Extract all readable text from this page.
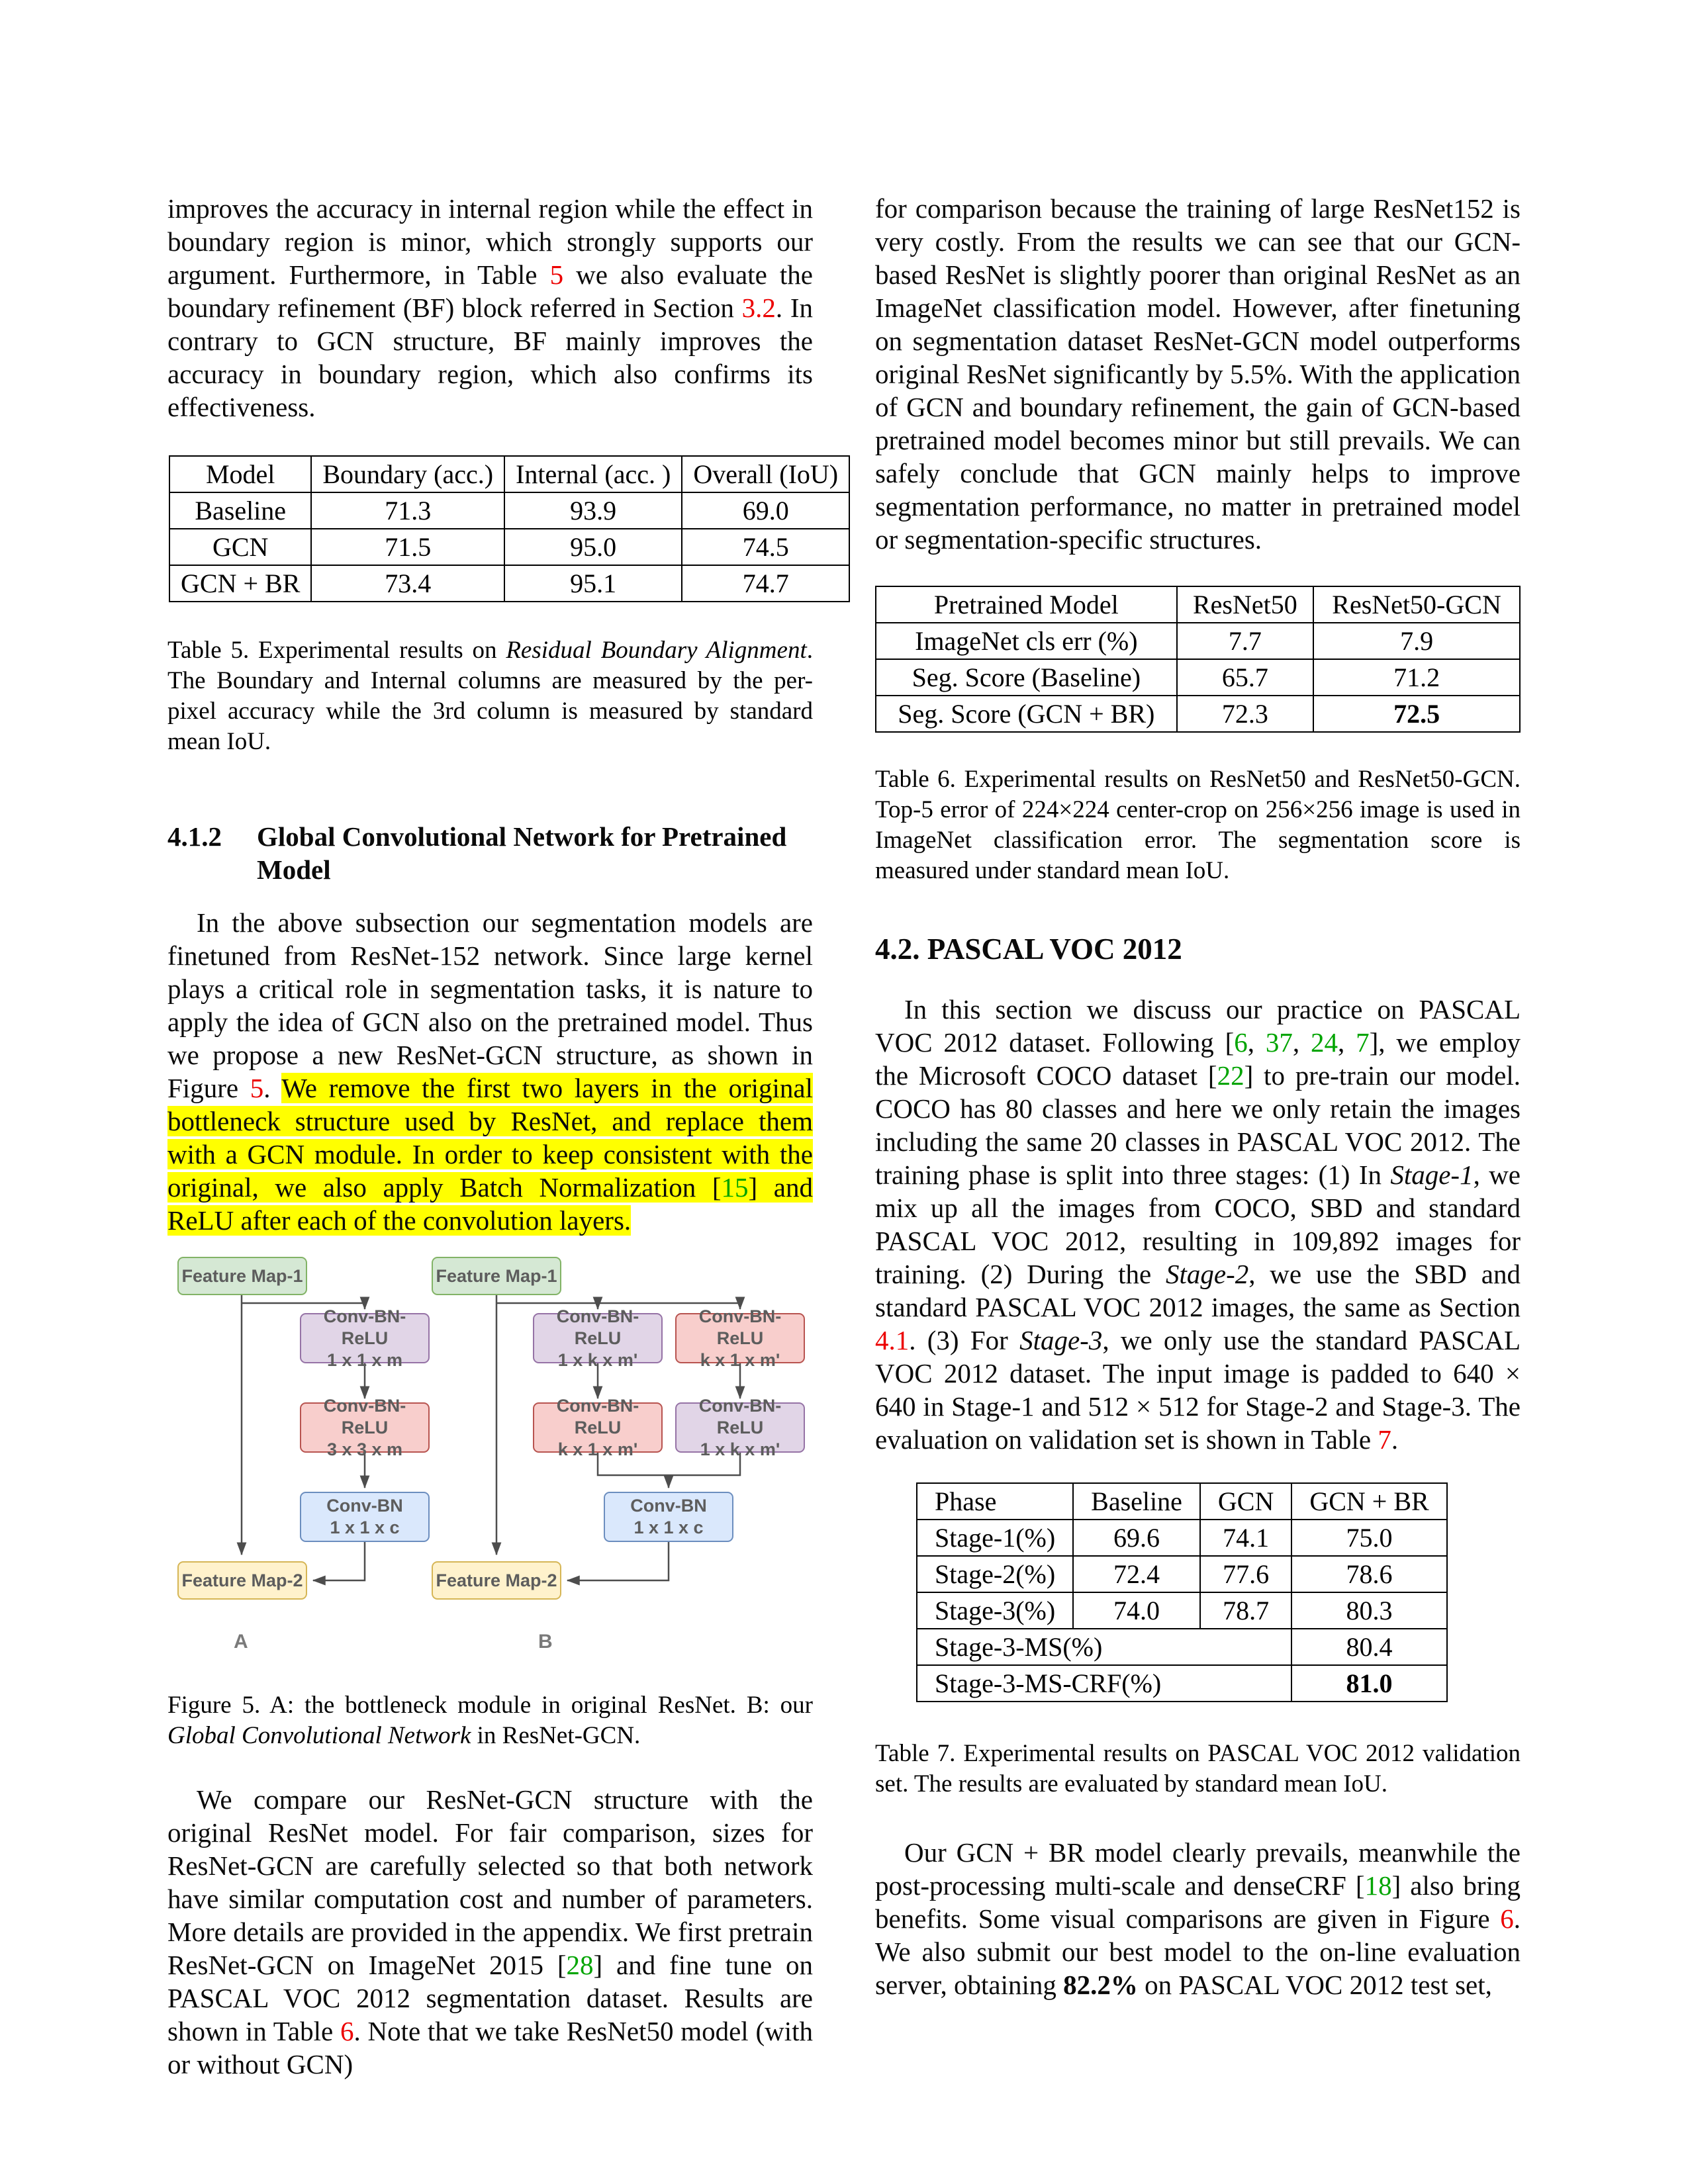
improves the accuracy in internal region while the effect in boundary region is minor, which strongly supports our argument. Furthermore, in Table 5 we also evaluate the boundary refinement (BF) block referred in Section 3.2. In contrary to GCN structure, BF mainly improves the accuracy in boundary region, which also confirms its effectiveness.

Model	Boundary (acc.)	Internal (acc. )	Overall (IoU)
Baseline	71.3	93.9	69.0
GCN	71.5	95.0	74.5
GCN + BR	73.4	95.1	74.7

Table 5. Experimental results on Residual Boundary Alignment. The Boundary and Internal columns are measured by the per-pixel accuracy while the 3rd column is measured by standard mean IoU.

4.1.2	Global Convolutional Network for Pretrained Model

In the above subsection our segmentation models are finetuned from ResNet-152 network. Since large kernel plays a critical role in segmentation tasks, it is nature to apply the idea of GCN also on the pretrained model. Thus we propose a new ResNet-GCN structure, as shown in Figure 5. We remove the first two layers in the original bottleneck structure used by ResNet, and replace them with a GCN module. In order to keep consistent with the original, we also apply Batch Normalization [15] and ReLU after each of the convolution layers.

Feature Map-1
Conv-BN-ReLU
1 x 1 x m
Conv-BN-ReLU
3 x 3 x m
Conv-BN
1 x 1 x c
Feature Map-2
A
Feature Map-1
Conv-BN-ReLU
1 x k x m'
Conv-BN-ReLU
k x 1 x m'
Conv-BN-ReLU
k x 1 x m'
Conv-BN-ReLU
1 x k x m'
Conv-BN
1 x 1 x c
Feature Map-2
B

Figure 5. A: the bottleneck module in original ResNet. B: our Global Convolutional Network in ResNet-GCN.

We compare our ResNet-GCN structure with the original ResNet model. For fair comparison, sizes for ResNet-GCN are carefully selected so that both network have similar computation cost and number of parameters. More details are provided in the appendix. We first pretrain ResNet-GCN on ImageNet 2015 [28] and fine tune on PASCAL VOC 2012 segmentation dataset. Results are shown in Table 6. Note that we take ResNet50 model (with or without GCN)

for comparison because the training of large ResNet152 is very costly. From the results we can see that our GCN-based ResNet is slightly poorer than original ResNet as an ImageNet classification model. However, after finetuning on segmentation dataset ResNet-GCN model outperforms original ResNet significantly by 5.5%. With the application of GCN and boundary refinement, the gain of GCN-based pretrained model becomes minor but still prevails. We can safely conclude that GCN mainly helps to improve segmentation performance, no matter in pretrained model or segmentation-specific structures.

Pretrained Model	ResNet50	ResNet50-GCN
ImageNet cls err (%)	7.7	7.9
Seg. Score (Baseline)	65.7	71.2
Seg. Score (GCN + BR)	72.3	72.5

Table 6. Experimental results on ResNet50 and ResNet50-GCN. Top-5 error of 224×224 center-crop on 256×256 image is used in ImageNet classification error. The segmentation score is measured under standard mean IoU.

4.2. PASCAL VOC 2012

In this section we discuss our practice on PASCAL VOC 2012 dataset. Following [6, 37, 24, 7], we employ the Microsoft COCO dataset [22] to pre-train our model. COCO has 80 classes and here we only retain the images including the same 20 classes in PASCAL VOC 2012. The training phase is split into three stages: (1) In Stage-1, we mix up all the images from COCO, SBD and standard PASCAL VOC 2012, resulting in 109,892 images for training. (2) During the Stage-2, we use the SBD and standard PASCAL VOC 2012 images, the same as Section 4.1. (3) For Stage-3, we only use the standard PASCAL VOC 2012 dataset. The input image is padded to 640 × 640 in Stage-1 and 512 × 512 for Stage-2 and Stage-3. The evaluation on validation set is shown in Table 7.

Phase	Baseline	GCN	GCN + BR
Stage-1(%)	69.6	74.1	75.0
Stage-2(%)	72.4	77.6	78.6
Stage-3(%)	74.0	78.7	80.3
Stage-3-MS(%)			80.4
Stage-3-MS-CRF(%)			81.0

Table 7. Experimental results on PASCAL VOC 2012 validation set. The results are evaluated by standard mean IoU.

Our GCN + BR model clearly prevails, meanwhile the post-processing multi-scale and denseCRF [18] also bring benefits. Some visual comparisons are given in Figure 6. We also submit our best model to the on-line evaluation server, obtaining 82.2% on PASCAL VOC 2012 test set,
